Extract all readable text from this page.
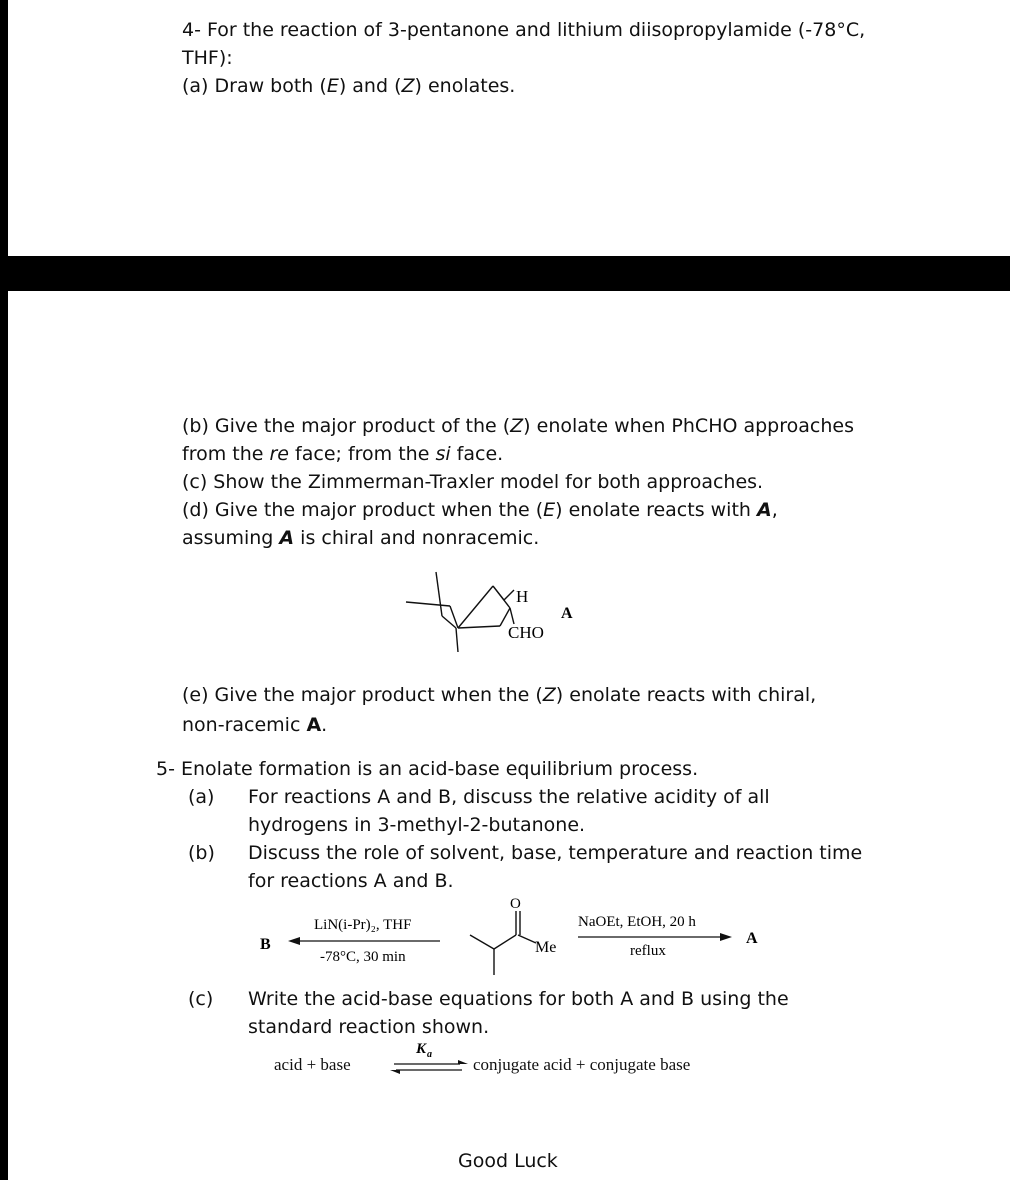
4- For the reaction of 3-pentanone and lithium diisopropylamide (-78°C,
THF):
(a) Draw both (E) and (Z) enolates.
(b) Give the major product of the (Z) enolate when PhCHO approaches
from the re face; from the si face.
(c) Show the Zimmerman-Traxler model for both approaches.
(d) Give the major product when the (E) enolate reacts with A,
assuming A is chiral and nonracemic.
H
CHO
A
(e) Give the major product when the (Z) enolate reacts with chiral,
non-racemic A.
5- Enolate formation is an acid-base equilibrium process.
(a) For reactions A and B, discuss the relative acidity of all
hydrogens in 3-methyl-2-butanone.
(b) Discuss the role of solvent, base, temperature and reaction time
for reactions A and B.
B
LiN(i-Pr)₂, THF
-78°C, 30 min
O
Me
NaOEt, EtOH, 20 h
reflux
A
(c) Write the acid-base equations for both A and B using the
standard reaction shown.
acid + base
K a
conjugate acid + conjugate base
Good Luck
